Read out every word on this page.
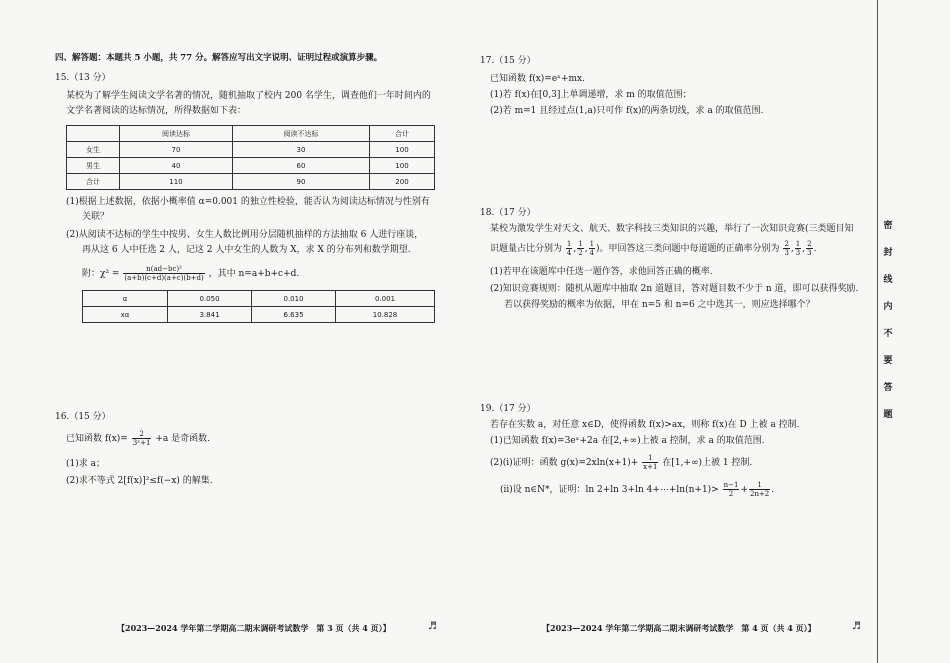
四、解答题：本题共 5 小题，共 77 分。解答应写出文字说明、证明过程或演算步骤。
15.（13 分）
某校为了解学生阅读文学名著的情况，随机抽取了校内 200 名学生，调查他们一年时间内的
文学名著阅读的达标情况，所得数据如下表：
	阅读达标	阅读不达标	合计
女生	70	30	100
男生	40	60	100
合计	110	90	200
(1)根据上述数据，依据小概率值 α=0.001 的独立性检验，能否认为阅读达标情况与性别有
关联？
(2)从阅读不达标的学生中按男、女生人数比例用分层随机抽样的方法抽取 6 人进行座谈，
再从这 6 人中任选 2 人，记这 2 人中女生的人数为 X，求 X 的分布列和数学期望.
附：$\chi^2 = \frac{\text{n(ad−bc)²}}{(a+b)(c+d)(a+c)(b+d)}$ ，其中 n=a+b+c+d.
α	0.050	0.010	0.001
xα	3.841	6.635	10.828
16.（15 分）
已知函数 $f(x)= \frac{2}{\text{3ˣ+1}} +a$ 是奇函数.
(1)求 a；
(2)求不等式 2[f(x)]²≤f(−x) 的解集.
【2023—2024 学年第二学期高二期末调研考试数学　第 3 页（共 4 页）】	♬
17.（15 分）
已知函数 f(x)=eˣ+mx.
(1)若 f(x)在[0,3]上单调递增，求 m 的取值范围；
(2)若 m=1 且经过点(1,a)只可作 f(x)的两条切线，求 a 的取值范围.
18.（17 分）
某校为激发学生对天文、航天、数字科技三类知识的兴趣，举行了一次知识竞赛(三类题目知
识题量占比分别为 $\frac{1}{4}$ , $\frac{1}{2}$ , $\frac{1}{4}$ )。甲回答这三类问题中每道题的正确率分别为 $\frac{2}{3}$ , $\frac{1}{3}$ , $\frac{2}{3}$ .
(1)若甲在该题库中任选一题作答，求他回答正确的概率.
(2)知识竞赛规则：随机从题库中抽取 2n 道题目，答对题目数不少于 n 道，即可以获得奖励.
若以获得奖励的概率为依据，甲在 n=5 和 n=6 之中选其一，则应选择哪个？
19.（17 分）
若存在实数 a，对任意 x∈D，使得函数 f(x)>ax，则称 f(x)在 D 上被 a 控制.
(1)已知函数 f(x)=3eˣ+2a 在[2,+∞)上被 a 控制，求 a 的取值范围.
(2)(ⅰ)证明：函数 $g(x)=2xln(x+1)+ \frac{1}{x+1}$ 在[1,+∞)上被 1 控制.
(ⅱ)设 n∈N*，证明：ln 2+ln 3+ln 4+⋯+ln(n+1)> $\frac{n-1}{2} + \frac{1}{2n+2}$ .
【2023—2024 学年第二学期高二期末调研考试数学　第 4 页（共 4 页）】	♬
密
封
线
内
不
要
答
题
